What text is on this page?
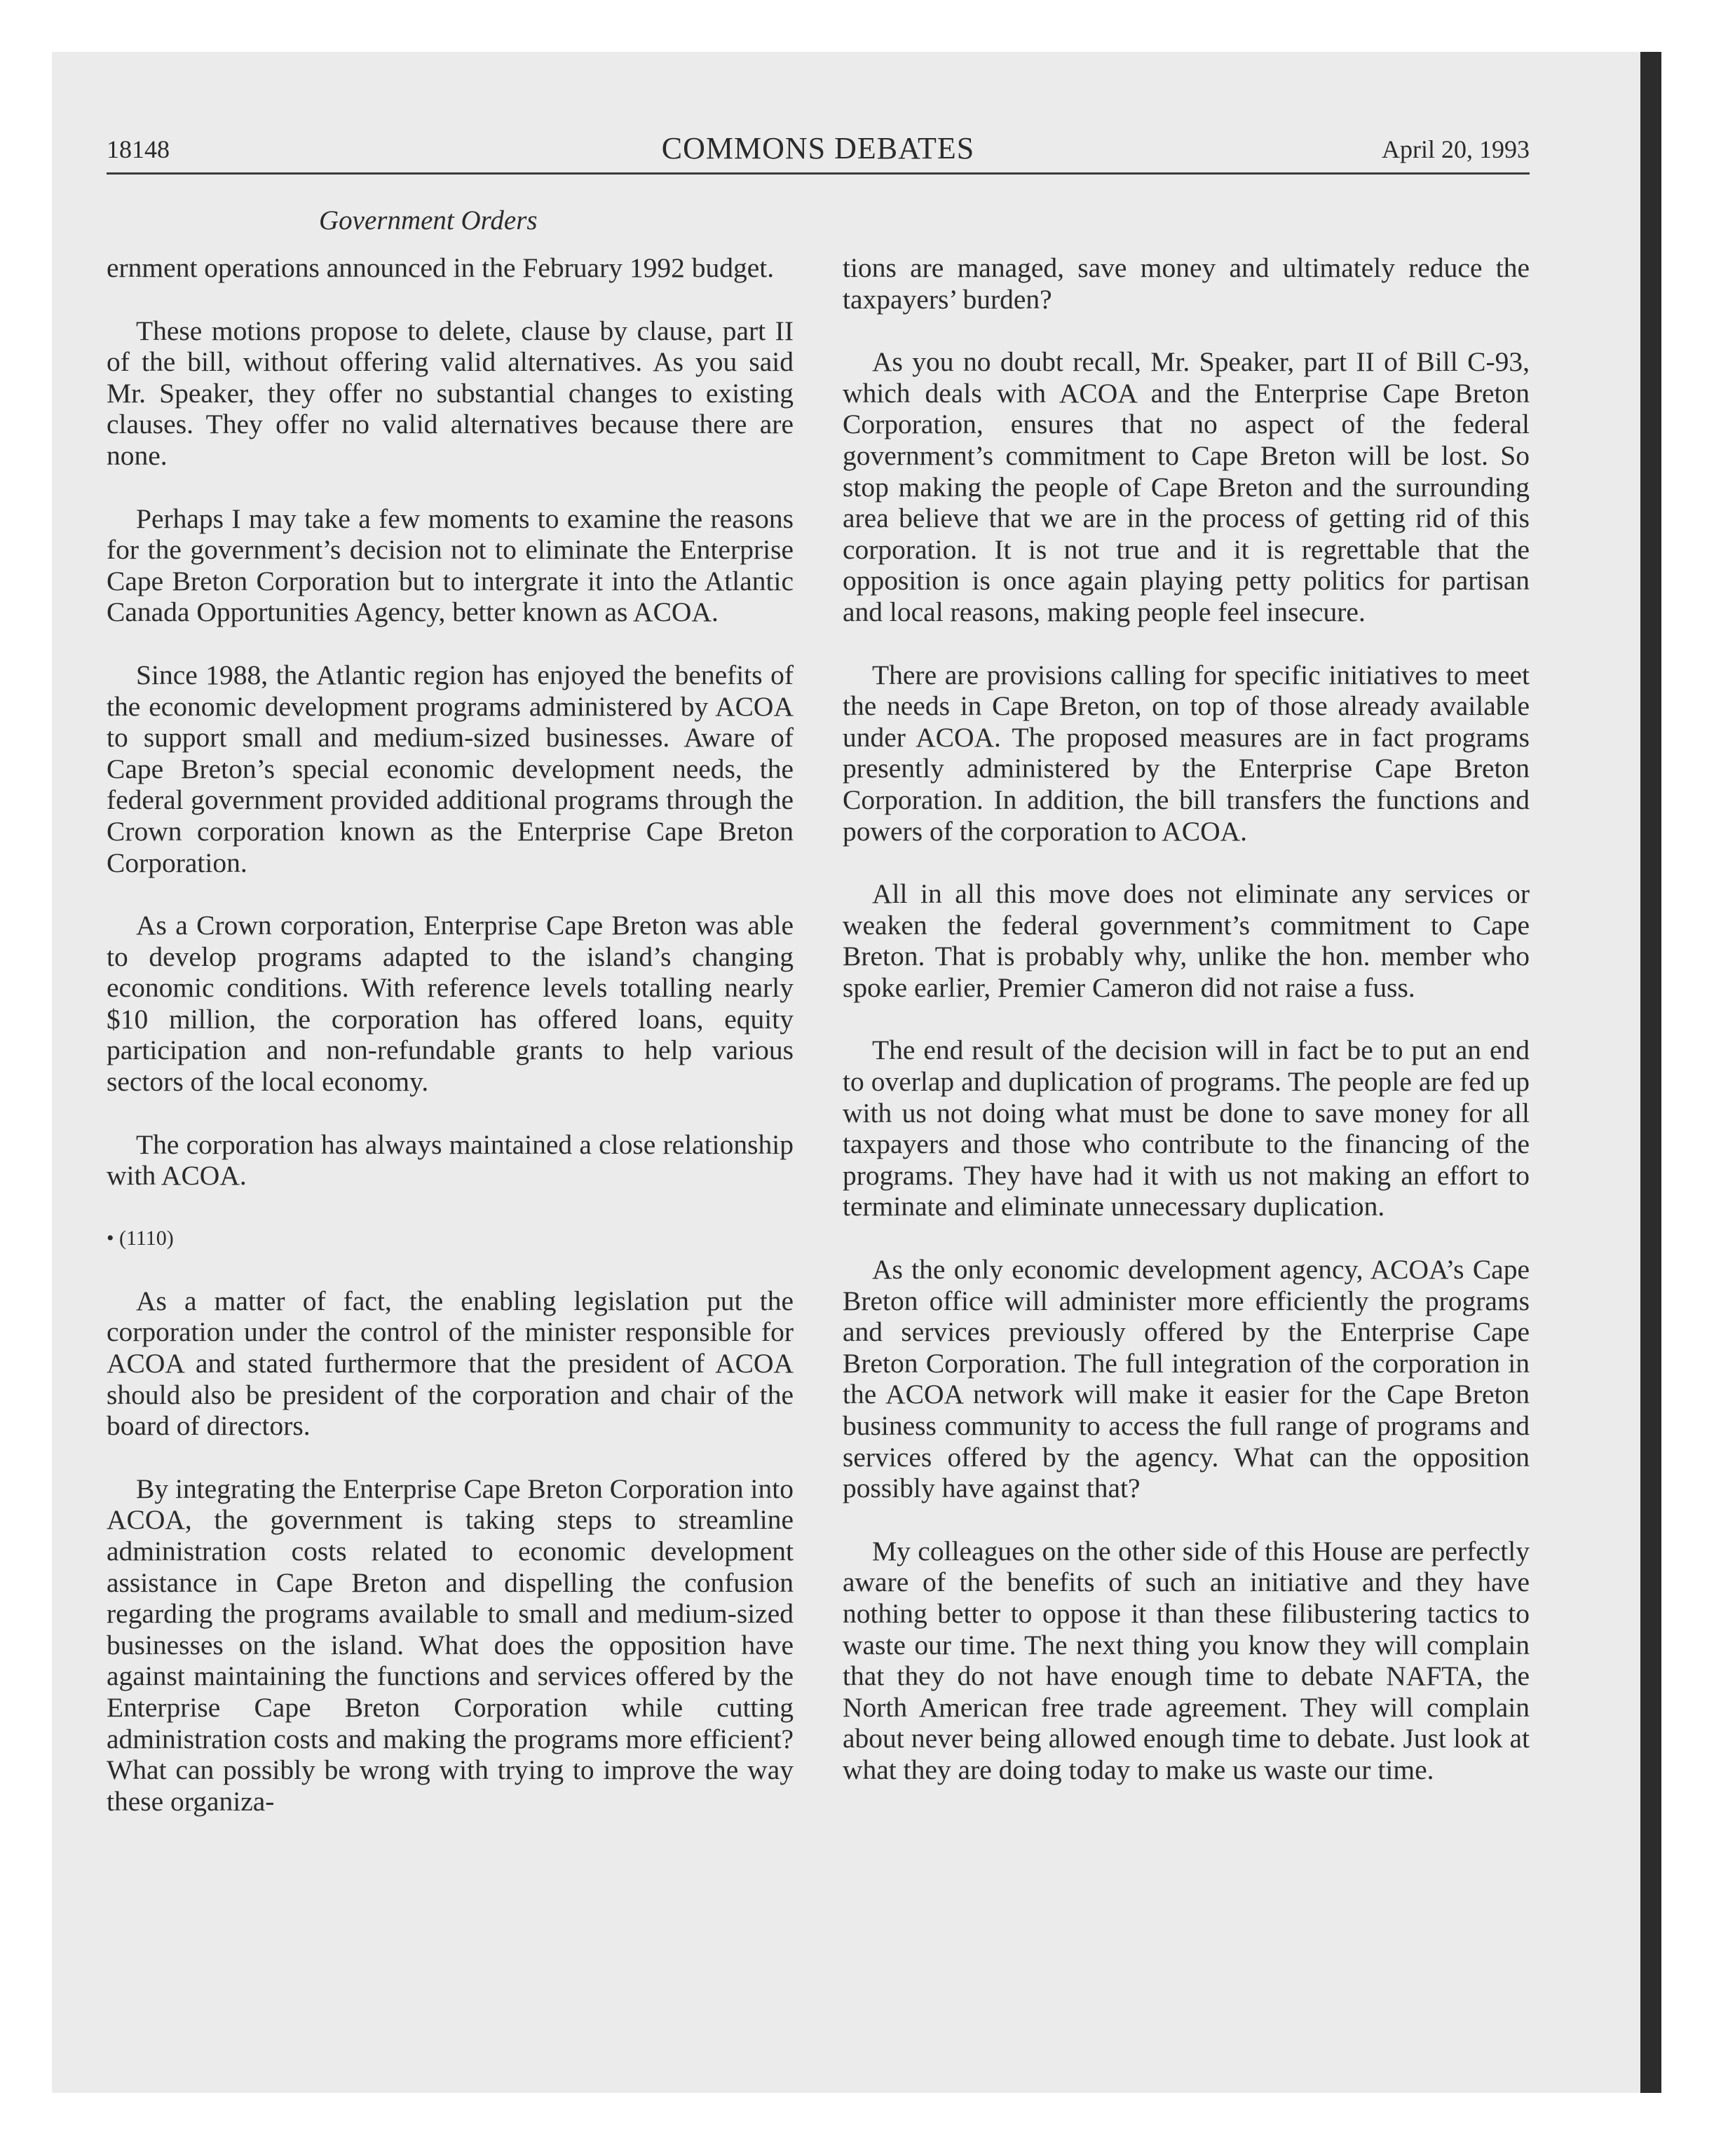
18148	COMMONS DEBATES	April 20, 1993
Government Orders

ernment operations announced in the February 1992 budget.

These motions propose to delete, clause by clause, part II of the bill, without offering valid alternatives. As you said Mr. Speaker, they offer no substantial changes to existing clauses. They offer no valid alternatives because there are none.

Perhaps I may take a few moments to examine the reasons for the government’s decision not to eliminate the Enterprise Cape Breton Corporation but to intergrate it into the Atlantic Canada Opportunities Agency, better known as ACOA.

Since 1988, the Atlantic region has enjoyed the benefits of the economic development programs administered by ACOA to support small and medium-sized businesses. Aware of Cape Breton’s special economic development needs, the federal government provided additional programs through the Crown corporation known as the Enterprise Cape Breton Corporation.

As a Crown corporation, Enterprise Cape Breton was able to develop programs adapted to the island’s changing economic conditions. With reference levels totalling nearly $10 million, the corporation has offered loans, equity participation and non-refundable grants to help various sectors of the local economy.

The corporation has always maintained a close relationship with ACOA.

• (1110)

As a matter of fact, the enabling legislation put the corporation under the control of the minister responsible for ACOA and stated furthermore that the president of ACOA should also be president of the corporation and chair of the board of directors.

By integrating the Enterprise Cape Breton Corporation into ACOA, the government is taking steps to streamline administration costs related to economic development assistance in Cape Breton and dispelling the confusion regarding the programs available to small and medium-sized businesses on the island. What does the opposition have against maintaining the functions and services offered by the Enterprise Cape Breton Corporation while cutting administration costs and making the programs more efficient? What can possibly be wrong with trying to improve the way these organiza-

tions are managed, save money and ultimately reduce the taxpayers’ burden?

As you no doubt recall, Mr. Speaker, part II of Bill C-93, which deals with ACOA and the Enterprise Cape Breton Corporation, ensures that no aspect of the federal government’s commitment to Cape Breton will be lost. So stop making the people of Cape Breton and the surrounding area believe that we are in the process of getting rid of this corporation. It is not true and it is regrettable that the opposition is once again playing petty politics for partisan and local reasons, making people feel insecure.

There are provisions calling for specific initiatives to meet the needs in Cape Breton, on top of those already available under ACOA. The proposed measures are in fact programs presently administered by the Enterprise Cape Breton Corporation. In addition, the bill transfers the functions and powers of the corporation to ACOA.

All in all this move does not eliminate any services or weaken the federal government’s commitment to Cape Breton. That is probably why, unlike the hon. member who spoke earlier, Premier Cameron did not raise a fuss.

The end result of the decision will in fact be to put an end to overlap and duplication of programs. The people are fed up with us not doing what must be done to save money for all taxpayers and those who contribute to the financing of the programs. They have had it with us not making an effort to terminate and eliminate unnecessary duplication.

As the only economic development agency, ACOA’s Cape Breton office will administer more efficiently the programs and services previously offered by the Enterprise Cape Breton Corporation. The full integration of the corporation in the ACOA network will make it easier for the Cape Breton business community to access the full range of programs and services offered by the agency. What can the opposition possibly have against that?

My colleagues on the other side of this House are perfectly aware of the benefits of such an initiative and they have nothing better to oppose it than these filibustering tactics to waste our time. The next thing you know they will complain that they do not have enough time to debate NAFTA, the North American free trade agreement. They will complain about never being allowed enough time to debate. Just look at what they are doing today to make us waste our time.
